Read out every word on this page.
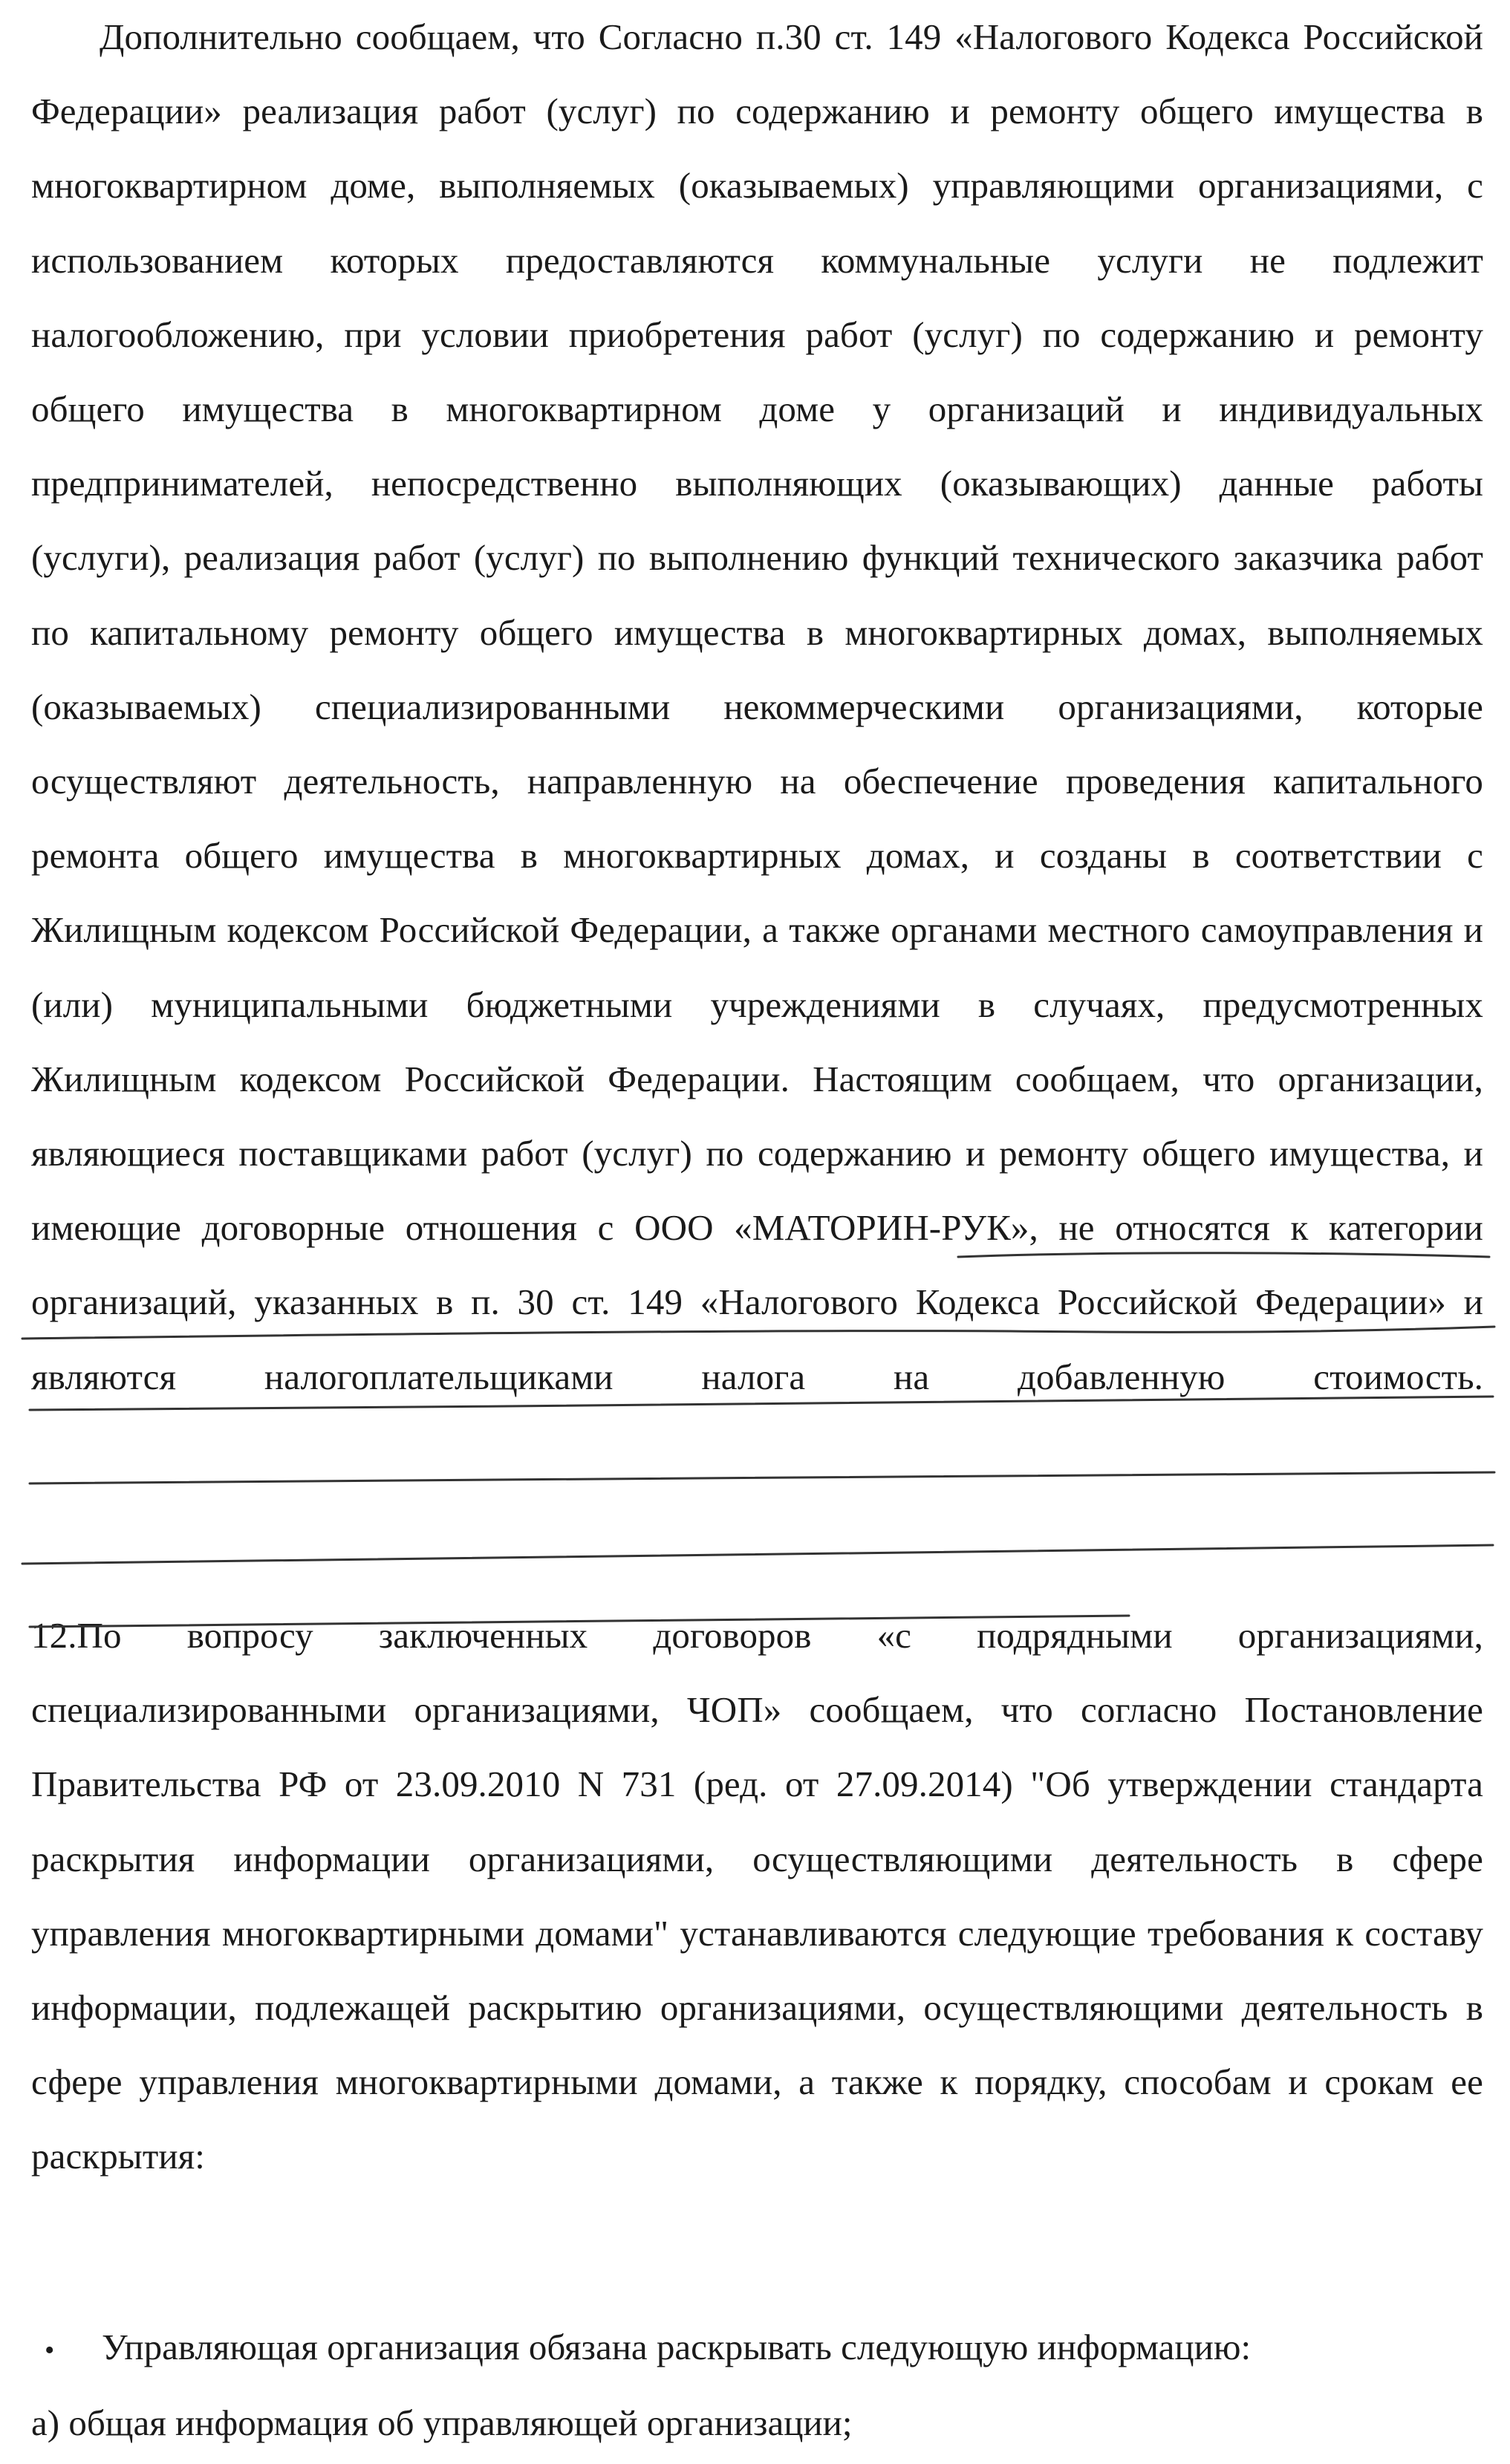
Дополнительно сообщаем, что Согласно п.30 ст. 149 «Налогового Кодекса Российской Федерации» реализация работ (услуг) по содержанию и ремонту общего имущества в многоквартирном доме, выполняемых (оказываемых) управляющими организациями, с использованием которых предоставляются коммунальные услуги не подлежит налогообложению, при условии приобретения работ (услуг) по содержанию и ремонту общего имущества в многоквартирном доме у организаций и индивидуальных предпринимателей, непосредственно выполняющих (оказывающих) данные работы (услуги), реализация работ (услуг) по выполнению функций технического заказчика работ по капитальному ремонту общего имущества в многоквартирных домах, выполняемых (оказываемых) специализированными некоммерческими организациями, которые осуществляют деятельность, направленную на обеспечение проведения капитального ремонта общего имущества в многоквартирных домах, и созданы в соответствии с Жилищным кодексом Российской Федерации, а также органами местного самоуправления и (или) муниципальными бюджетными учреждениями в случаях, предусмотренных Жилищным кодексом Российской Федерации. Настоящим сообщаем, что организации, являющиеся поставщиками работ (услуг) по содержанию и ремонту общего имущества, и имеющие договорные отношения с ООО «МАТОРИН-РУК», не относятся к категории организаций, указанных в п. 30 ст. 149 «Налогового Кодекса Российской Федерации» и являются налогоплательщиками налога на добавленную стоимость.

12.По вопросу заключенных договоров «с подрядными организациями, специализированными организациями, ЧОП» сообщаем, что согласно Постановление Правительства РФ от 23.09.2010 N 731 (ред. от 27.09.2014) "Об утверждении стандарта раскрытия информации организациями, осуществляющими деятельность в сфере управления многоквартирными домами" устанавливаются следующие требования к составу информации, подлежащей раскрытию организациями, осуществляющими деятельность в сфере управления многоквартирными домами, а также к порядку, способам и срокам ее раскрытия:

• Управляющая организация обязана раскрывать следующую информацию:
а) общая информация об управляющей организации;
